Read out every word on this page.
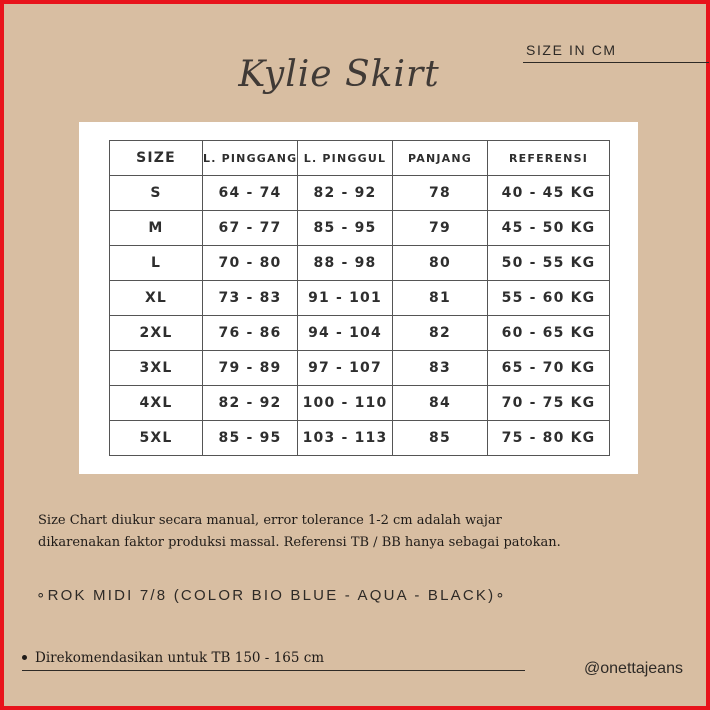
SIZE IN CM
Kylie Skirt
SIZE	L. PINGGANG	L. PINGGUL	PANJANG	REFERENSI
S	64 - 74	82 - 92	78	40 - 45 KG
M	67 - 77	85 - 95	79	45 - 50 KG
L	70 - 80	88 - 98	80	50 - 55 KG
XL	73 - 83	91 - 101	81	55 - 60 KG
2XL	76 - 86	94 - 104	82	60 - 65 KG
3XL	79 - 89	97 - 107	83	65 - 70 KG
4XL	82 - 92	100 - 110	84	70 - 75 KG
5XL	85 - 95	103 - 113	85	75 - 80 KG
Size Chart diukur secara manual, error tolerance 1-2 cm adalah wajar
dikarenakan faktor produksi massal. Referensi TB / BB hanya sebagai patokan.
∘ROK MIDI 7/8 (COLOR BIO BLUE - AQUA - BLACK)∘
Direkomendasikan untuk TB 150 - 165 cm
@onettajeans
